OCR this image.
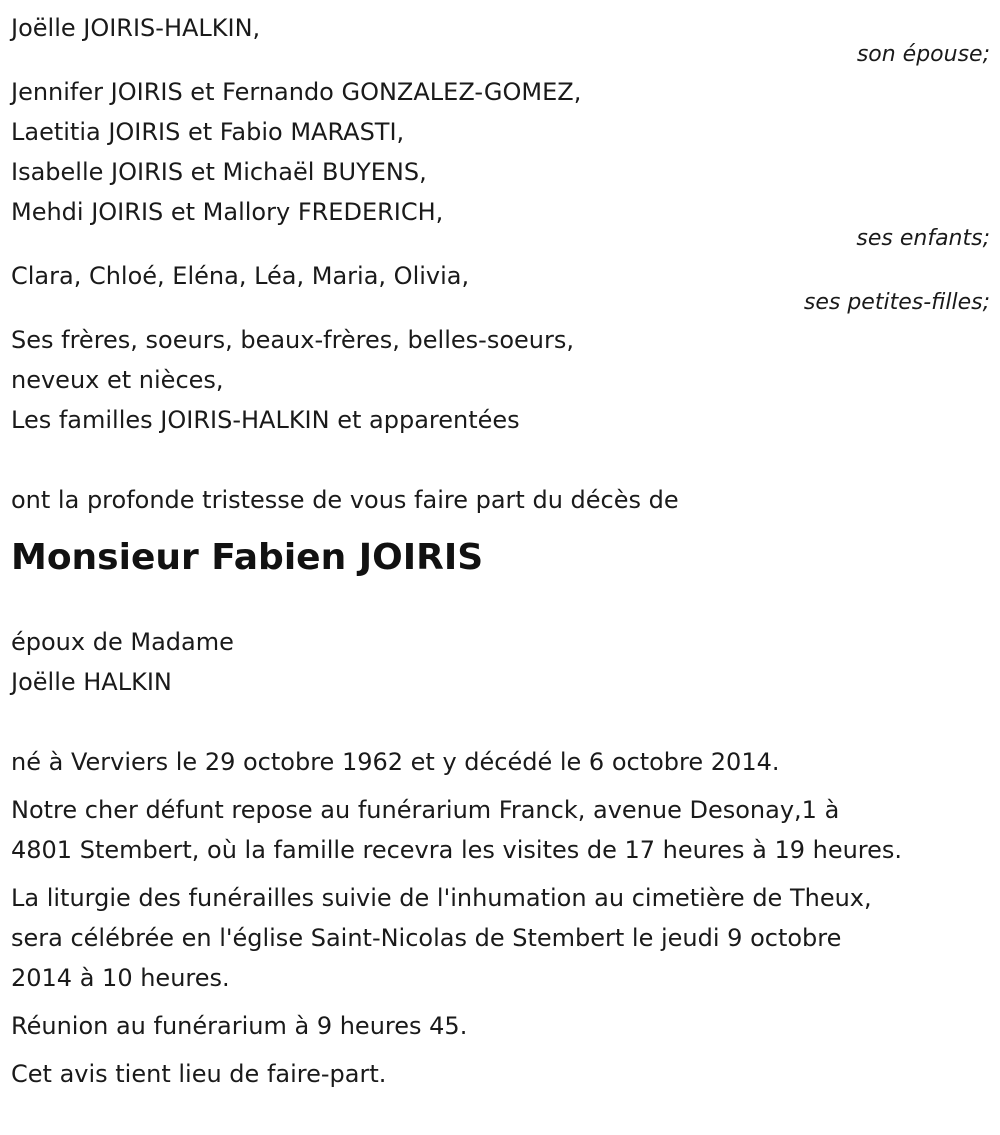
Joëlle JOIRIS-HALKIN,
son épouse;
Jennifer JOIRIS et Fernando GONZALEZ-GOMEZ,
Laetitia JOIRIS et Fabio MARASTI,
Isabelle JOIRIS et Michaël BUYENS,
Mehdi JOIRIS et Mallory FREDERICH,
ses enfants;
Clara, Chloé, Eléna, Léa, Maria, Olivia,
ses petites-filles;
Ses frères, soeurs, beaux-frères, belles-soeurs,
neveux et nièces,
Les familles JOIRIS-HALKIN et apparentées
ont la profonde tristesse de vous faire part du décès de
Monsieur Fabien JOIRIS
époux de Madame
Joëlle HALKIN
né à Verviers le 29 octobre 1962 et y décédé le 6 octobre 2014.
Notre cher défunt repose au funérarium Franck, avenue Desonay,1 à
4801 Stembert, où la famille recevra les visites de 17 heures à 19 heures.
La liturgie des funérailles suivie de l'inhumation au cimetière de Theux,
sera célébrée en l'église Saint-Nicolas de Stembert le jeudi 9 octobre
2014 à 10 heures.
Réunion au funérarium à 9 heures 45.
Cet avis tient lieu de faire-part.
